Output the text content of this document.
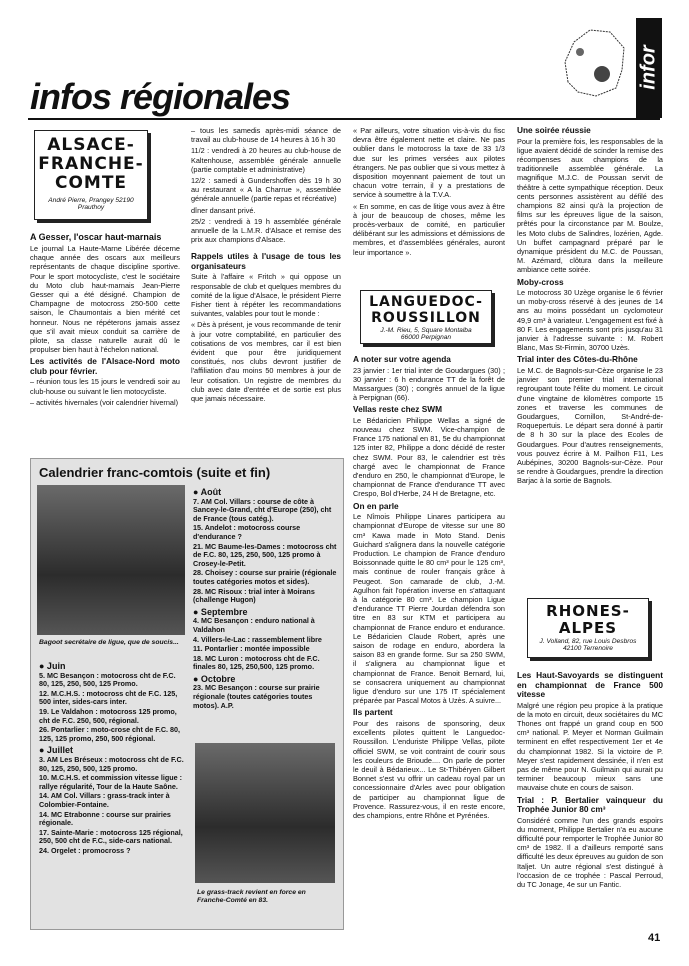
infos régionales
infor
ALSACE-
FRANCHE-
COMTE
André Pierre, Prangey 52190 Prauthoy
A Gesser, l'oscar haut-marnais

Le journal La Haute-Marne Libérée décerne chaque année des oscars aux meilleurs représentants de chaque discipline sportive. Pour le sport motocycliste, c'est le sociétaire du Moto club haut-marnais Jean-Pierre Gesser qui a été désigné. Champion de Champagne de motocross 250-500 cette saison, le Chaumontais a bien mérité cet honneur. Nous ne répéterons jamais assez que s'il avait mieux conduit sa carrière de pilote, sa classe naturelle aurait dû le propulser bien haut à l'échelon national.

Les activités de l'Alsace-Nord moto club pour février.

– réunion tous les 15 jours le vendredi soir au club-house ou suivant le lien motocycliste.

– activités hivernales (voir calendrier hivernal)

– tous les samedis après-midi séance de travail au club-house de 14 heures à 16 h 30

11/2 : vendredi à 20 heures au club-house de Kaltenhouse, assemblée générale annuelle (partie comptable et administrative)

12/2 : samedi à Gundershoffen dès 19 h 30 au restaurant « A la Charrue », assemblée générale annuelle (partie repas et récréative)

dîner dansant privé.

25/2 : vendredi à 19 h assemblée générale annuelle de la L.M.R. d'Alsace et remise des prix aux champions d'Alsace.

Rappels utiles à l'usage de tous les organisateurs

Suite à l'affaire « Fritch » qui oppose un responsable de club et quelques membres du comité de la ligue d'Alsace, le président Pierre Fisher tient à répéter les recommandations suivantes, valables pour tout le monde :

« Dès à présent, je vous recommande de tenir à jour votre comptabilité, en particulier des cotisations de vos membres, car il est bien évident que pour être juridiquement constitués, nos clubs devront justifier de l'affiliation d'au moins 50 membres à jour de leur cotisation. Un registre de membres du club avec date d'entrée et de sortie est plus que jamais nécessaire.

« Par ailleurs, votre situation vis-à-vis du fisc devra être également nette et claire. Ne pas oublier dans le motocross la taxe de 33 1/3 due sur les primes versées aux pilotes étrangers. Ne pas oublier que si vous mettez à disposition moyennant paiement de tout un chacun votre terrain, il y a prestations de service à soumettre à la T.V.A.

« En somme, en cas de litige vous avez à être à jour de beaucoup de choses, même les procès-verbaux de comité, en particulier délibérant sur les admissions et démissions de membres, et d'assemblées générales, auront leur importance ».

LANGUEDOC-
ROUSSILLON
J.-M. Rieu, 5, Square Montalba
66000 Perpignan
A noter sur votre agenda

23 janvier : 1er trial inter de Goudargues (30) ; 30 janvier : 6 h endurance TT de la forêt de Massargues (30) ; congrès annuel de la ligue à Perpignan (66).

Vellas reste chez SWM

Le Bédaricien Philippe Wellas a signé de nouveau chez SWM. Vice-champion de France 175 national en 81, 5e du championnat 125 inter 82, Philippe a donc décidé de rester chez SWM. Pour 83, le calendrier est très chargé avec le championnat de France d'enduro en 250, le championnat d'Europe, le championnat de France d'endurance TT avec Crespo, Bol d'Herbe, 24 H de Bretagne, etc.

On en parle

Le Nîmois Philippe Linares participera au championnat d'Europe de vitesse sur une 80 cm³ Kawa made in Moto Stand. Denis Guichard s'alignera dans la nouvelle catégorie Production. Le champion de France d'enduro Boissonnade quitte le 80 cm³ pour le 125 cm³, mais continue de rouler français grâce à Peugeot. Son camarade de club, J.-M. Agulhon fait l'opération inverse en s'attaquant à la catégorie 80 cm³. Le champion Ligue d'endurance TT Pierre Jourdan défendra son titre en 83 sur KTM et participera au championnat de France enduro et endurance. Le Bédaricien Claude Robert, après une saison de rodage en enduro, abordera la saison 83 en grande forme. Sur sa 250 SWM, il s'alignera au championnat ligue et championnat de France. Benoit Bernard, lui, se consacrera uniquement au championnat ligue d'enduro sur une 175 IT spécialement préparée par Pascal Motos à Uzès. A suivre...

Ils partent

Pour des raisons de sponsoring, deux excellents pilotes quittent le Languedoc-Roussillon. L'enduriste Philippe Vellas, pilote officiel SWM, se voit contraint de courir sous les couleurs de Brioude.... On parle de porter le deuil à Bédarieux... Le St-Thibéryen Gilbert Bonnet s'est vu offrir un cadeau royal par un concessionnaire d'Arles avec pour obligation de participer au championnat ligue de Provence. Rassurez-vous, il en reste encore, des champions, entre Rhône et Pyrénées.

Une soirée réussie

Pour la première fois, les responsables de la ligue avaient décidé de scinder la remise des récompenses aux champions de la traditionnelle assemblée générale. La magnifique M.J.C. de Poussan servit de théâtre à cette sympathique réception. Deux cents personnes assistèrent au défilé des champions 82 ainsi qu'à la projection de films sur les épreuves ligue de la saison, prêtés pour la circonstance par M. Boulze, les Moto clubs de Salindres, lozérien, Agde. Un buffet campagnard préparé par le dynamique président du M.C. de Poussan, M. Azémard, clôtura dans la meilleure ambiance cette soirée.

Moby-cross

Le motocross 30 Uzège organise le 6 février un moby-cross réservé à des jeunes de 14 ans au moins possédant un cyclomoteur 49,9 cm³ à variateur. L'engagement est fixé à 80 F. Les engagements sont pris jusqu'au 31 janvier à l'adresse suivante : M. Robert Blanc, Mas St-Firmin, 30700 Uzès.

Trial inter des Côtes-du-Rhône

Le M.C. de Bagnols-sur-Cèze organise le 23 janvier son premier trial international regroupant toute l'élite du moment. Le circuit d'une vingtaine de kilomètres comporte 15 zones et traverse les communes de Goudargues, Cornillon, St-André-de-Roquepertuis. Le départ sera donné à partir de 8 h 30 sur la place des Ecoles de Goudargues. Pour d'autres renseignements, vous pouvez écrire à M. Pailhon F11, Les Aubépines, 30200 Bagnols-sur-Cèze. Pour se rendre à Goudargues, prendre la direction Barjac à la sortie de Bagnols.

RHONES-
ALPES
J. Volland, 82, rue Louis Desbros
42100 Terrenoire
Les Haut-Savoyards se distinguent en championnat de France 500 vitesse

Malgré une région peu propice à la pratique de la moto en circuit, deux sociétaires du MC Thones ont frappé un grand coup en 500 cm³ national. P. Meyer et Norman Guilmain terminent en effet respectivement 1er et 4e du championnat 1982. Si la victoire de P. Meyer s'est rapidement dessinée, il n'en est pas de même pour N. Guilmain qui aurait pu terminer beaucoup mieux sans une mauvaise chute en cours de saison.

Trial : P. Bertalier vainqueur du Trophée Junior 80 cm³

Considéré comme l'un des grands espoirs du moment, Philippe Bertalier n'a eu aucune difficulté pour remporter le Trophée Junior 80 cm³ de 1982. Il a d'ailleurs remporté sans difficulté les deux épreuves au guidon de son Italjet. Un autre régional s'est distingué à l'occasion de ce trophée : Pascal Perroud, du TC Jonage, 4e sur un Fantic.

41
Calendrier franc-comtois (suite et fin)
Bagoot secrétaire de ligue, que de soucis...
● Juin

5. MC Besançon : motocross cht de F.C. 80, 125, 250, 500, 125 Promo.

12. M.C.H.S. : motocross cht de F.C. 125, 500 inter, sides-cars inter.

19. Le Valdahon : motocross 125 promo, cht de F.C. 250, 500, régional.

26. Pontarlier : moto-crose cht de F.C. 80, 125, 125 promo, 250, 500 régional.

● Juillet

3. AM Les Bréseux : motocross cht de F.C. 80, 125, 250, 500, 125 promo.

10. M.C.H.S. et commission vitesse ligue : rallye régularité, Tour de la Haute Saône.

14. AM Col. Villars : grass-track inter à Colombier-Fontaine.

14. MC Etrabonne : course sur prairies régionale.

17. Sainte-Marie : motocross 125 régional, 250, 500 cht de F.C., side-cars national.

24. Orgelet : promocross ?

● Août

7. AM Col. Villars : course de côte à Sancey-le-Grand, cht d'Europe (250), cht de France (tous catég.).

15. Andelot : motocross course d'endurance ?

21. MC Baume-les-Dames : motocross cht de F.C. 80, 125, 250, 500, 125 promo à Crosey-le-Petit.

28. Choisey : course sur prairie (régionale toutes catégories motos et sides).

28. MC Risoux : trial inter à Moirans (challenge Hugon)

● Septembre

4. MC Besançon : enduro national à Valdahon

4. Villers-le-Lac : rassemblement libre

11. Pontarlier : montée impossible

18. MC Luron : motocross cht de F.C. finales 80, 125, 250,500, 125 promo.

● Octobre

23. MC Besançon : course sur prairie régionale (toutes catégories toutes motos). A.P.

Le grass-track revient en force en Franche-Comté en 83.
